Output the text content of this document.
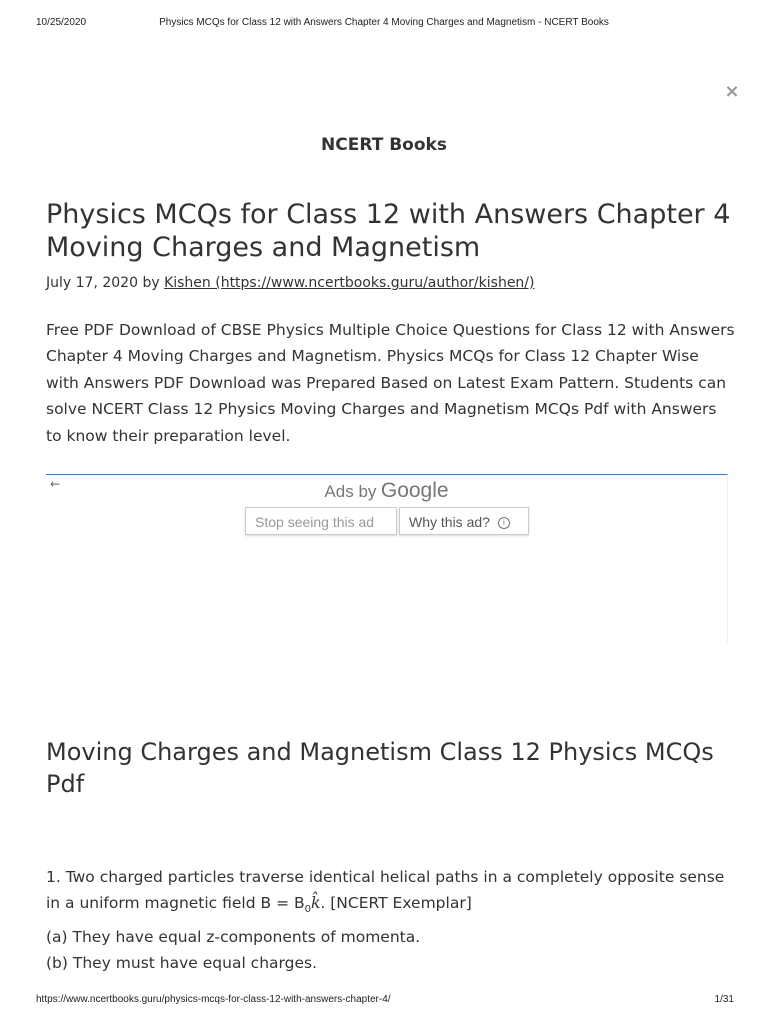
10/25/2020	Physics MCQs for Class 12 with Answers Chapter 4 Moving Charges and Magnetism - NCERT Books
×
NCERT Books
Physics MCQs for Class 12 with Answers Chapter 4 Moving Charges and Magnetism
July 17, 2020 by Kishen (https://www.ncertbooks.guru/author/kishen/)

Free PDF Download of CBSE Physics Multiple Choice Questions for Class 12 with Answers Chapter 4 Moving Charges and Magnetism. Physics MCQs for Class 12 Chapter Wise with Answers PDF Download was Prepared Based on Latest Exam Pattern. Students can solve NCERT Class 12 Physics Moving Charges and Magnetism MCQs Pdf with Answers to know their preparation level.

←	Ads by Google
Stop seeing this ad	Why this ad? i
Moving Charges and Magnetism Class 12 Physics MCQs Pdf

1. Two charged particles traverse identical helical paths in a completely opposite sense in a uniform magnetic field $B = B_0k̂$. [NCERT Exemplar]

(a) They have equal z-components of momenta.

(b) They must have equal charges.

https://www.ncertbooks.guru/physics-mcqs-for-class-12-with-answers-chapter-4/	1/31
